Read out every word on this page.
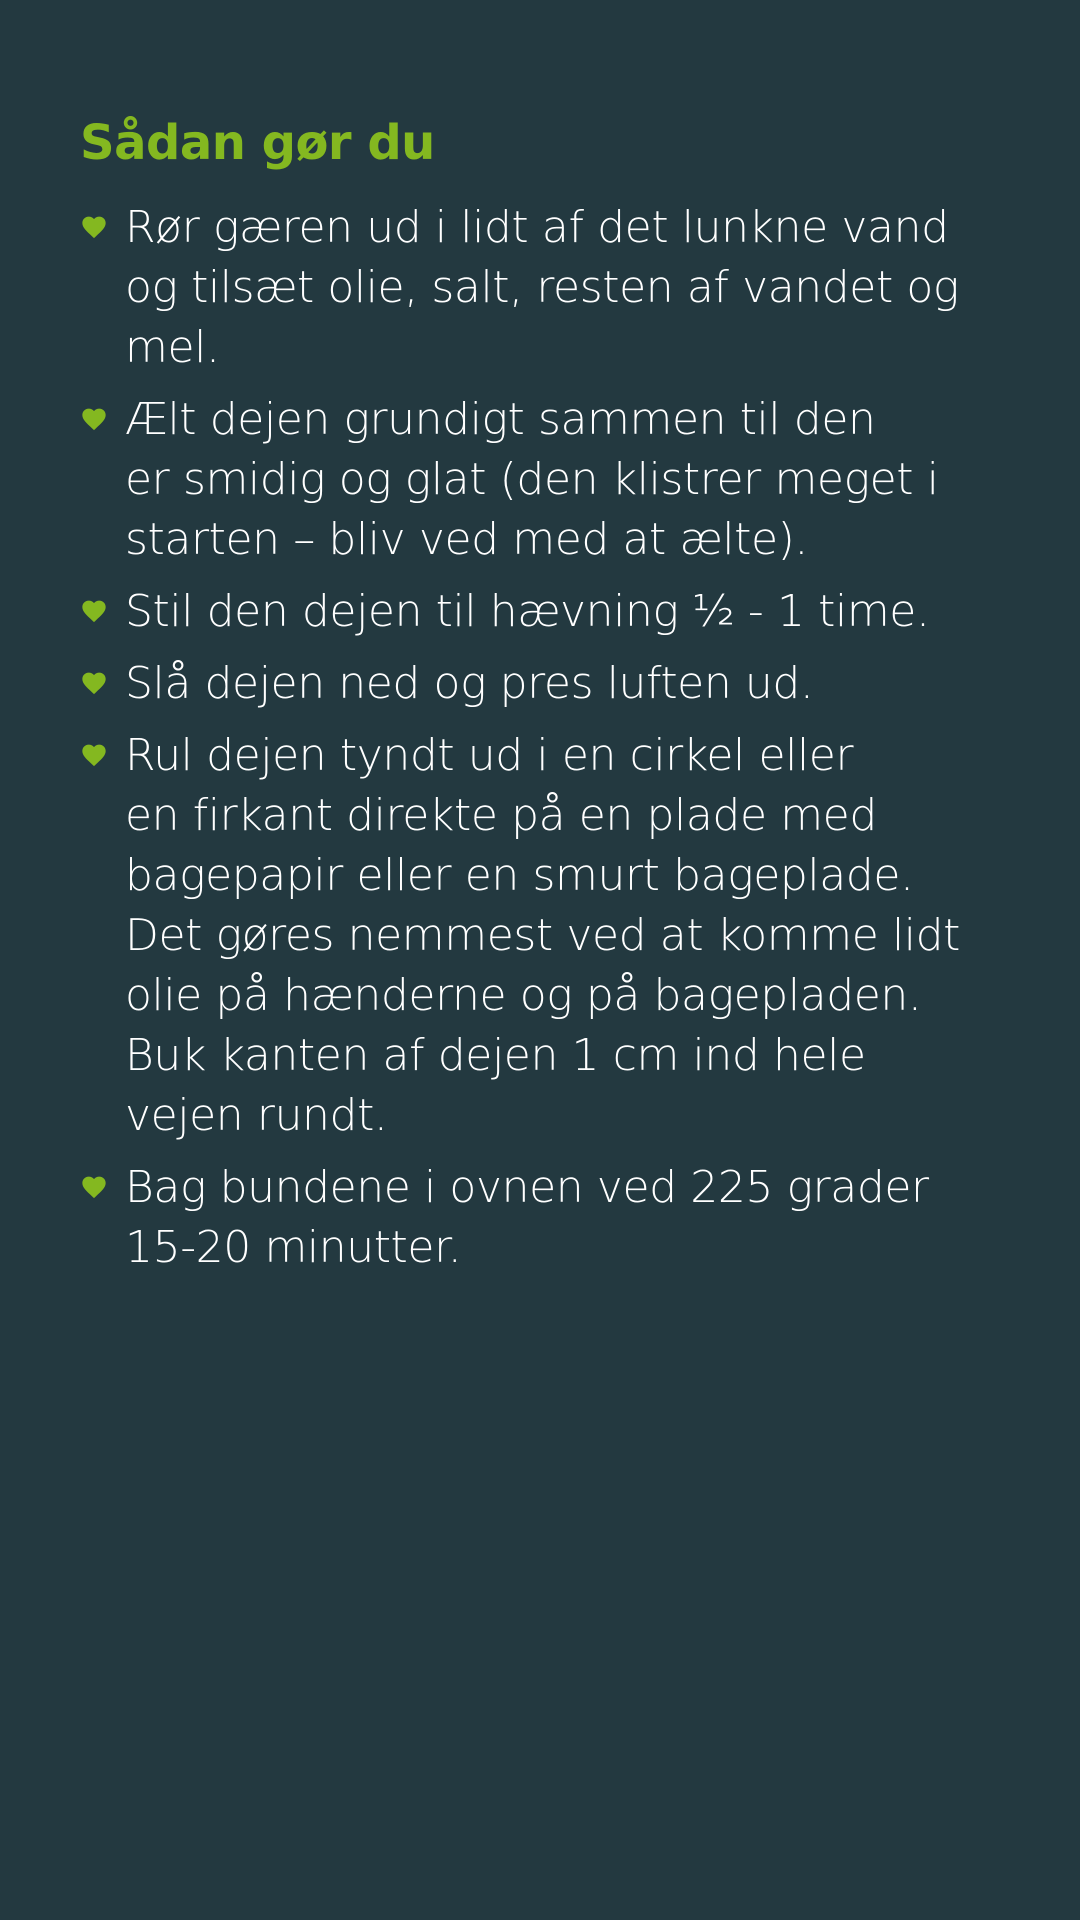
Sådan gør du
Rør gæren ud i lidt af det lunkne vand
og tilsæt olie, salt, resten af vandet og
mel.
Ælt dejen grundigt sammen til den
er smidig og glat (den klistrer meget i
starten – bliv ved med at ælte).
Stil den dejen til hævning ½ - 1 time.
Slå dejen ned og pres luften ud.
Rul dejen tyndt ud i en cirkel eller
en firkant direkte på en plade med
bagepapir eller en smurt bageplade.
Det gøres nemmest ved at komme lidt
olie på hænderne og på bagepladen.
Buk kanten af dejen 1 cm ind hele
vejen rundt.
Bag bundene i ovnen ved 225 grader
15-20 minutter.
